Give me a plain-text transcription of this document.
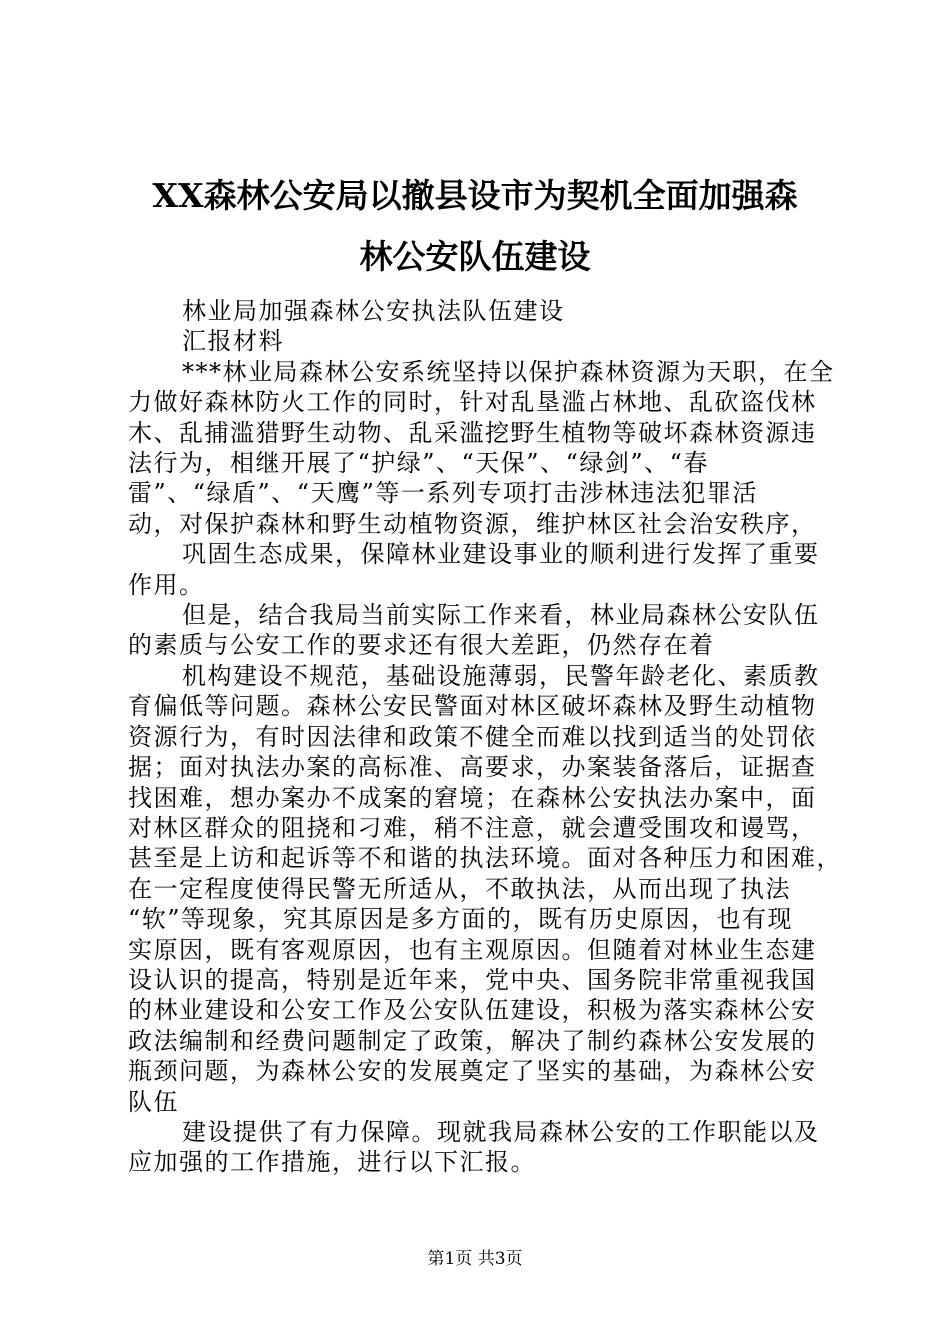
XX森林公安局以撤县设市为契机全面加强森
林公安队伍建设
林业局加强森林公安执法队伍建设
汇报材料
***林业局森林公安系统坚持以保护森林资源为天职，在全
力做好森林防火工作的同时，针对乱垦滥占林地、乱砍盗伐林
木、乱捕滥猎野生动物、乱采滥挖野生植物等破坏森林资源违
法行为，相继开展了“护绿”、“天保”、“绿剑”、“春
雷”、“绿盾”、“天鹰”等一系列专项打击涉林违法犯罪活
动，对保护森林和野生动植物资源，维护林区社会治安秩序，
巩固生态成果，保障林业建设事业的顺利进行发挥了重要
作用。
但是，结合我局当前实际工作来看，林业局森林公安队伍
的素质与公安工作的要求还有很大差距，仍然存在着
机构建设不规范，基础设施薄弱，民警年龄老化、素质教
育偏低等问题。森林公安民警面对林区破坏森林及野生动植物
资源行为，有时因法律和政策不健全而难以找到适当的处罚依
据；面对执法办案的高标准、高要求，办案装备落后，证据查
找困难，想办案办不成案的窘境；在森林公安执法办案中，面
对林区群众的阻挠和刁难，稍不注意，就会遭受围攻和谩骂，
甚至是上访和起诉等不和谐的执法环境。面对各种压力和困难，
在一定程度使得民警无所适从，不敢执法，从而出现了执法
“软”等现象，究其原因是多方面的，既有历史原因，也有现
实原因，既有客观原因，也有主观原因。但随着对林业生态建
设认识的提高，特别是近年来，党中央、国务院非常重视我国
的林业建设和公安工作及公安队伍建设，积极为落实森林公安
政法编制和经费问题制定了政策，解决了制约森林公安发展的
瓶颈问题，为森林公安的发展奠定了坚实的基础，为森林公安
队伍
建设提供了有力保障。现就我局森林公安的工作职能以及
应加强的工作措施，进行以下汇报。
第1页 共3页
